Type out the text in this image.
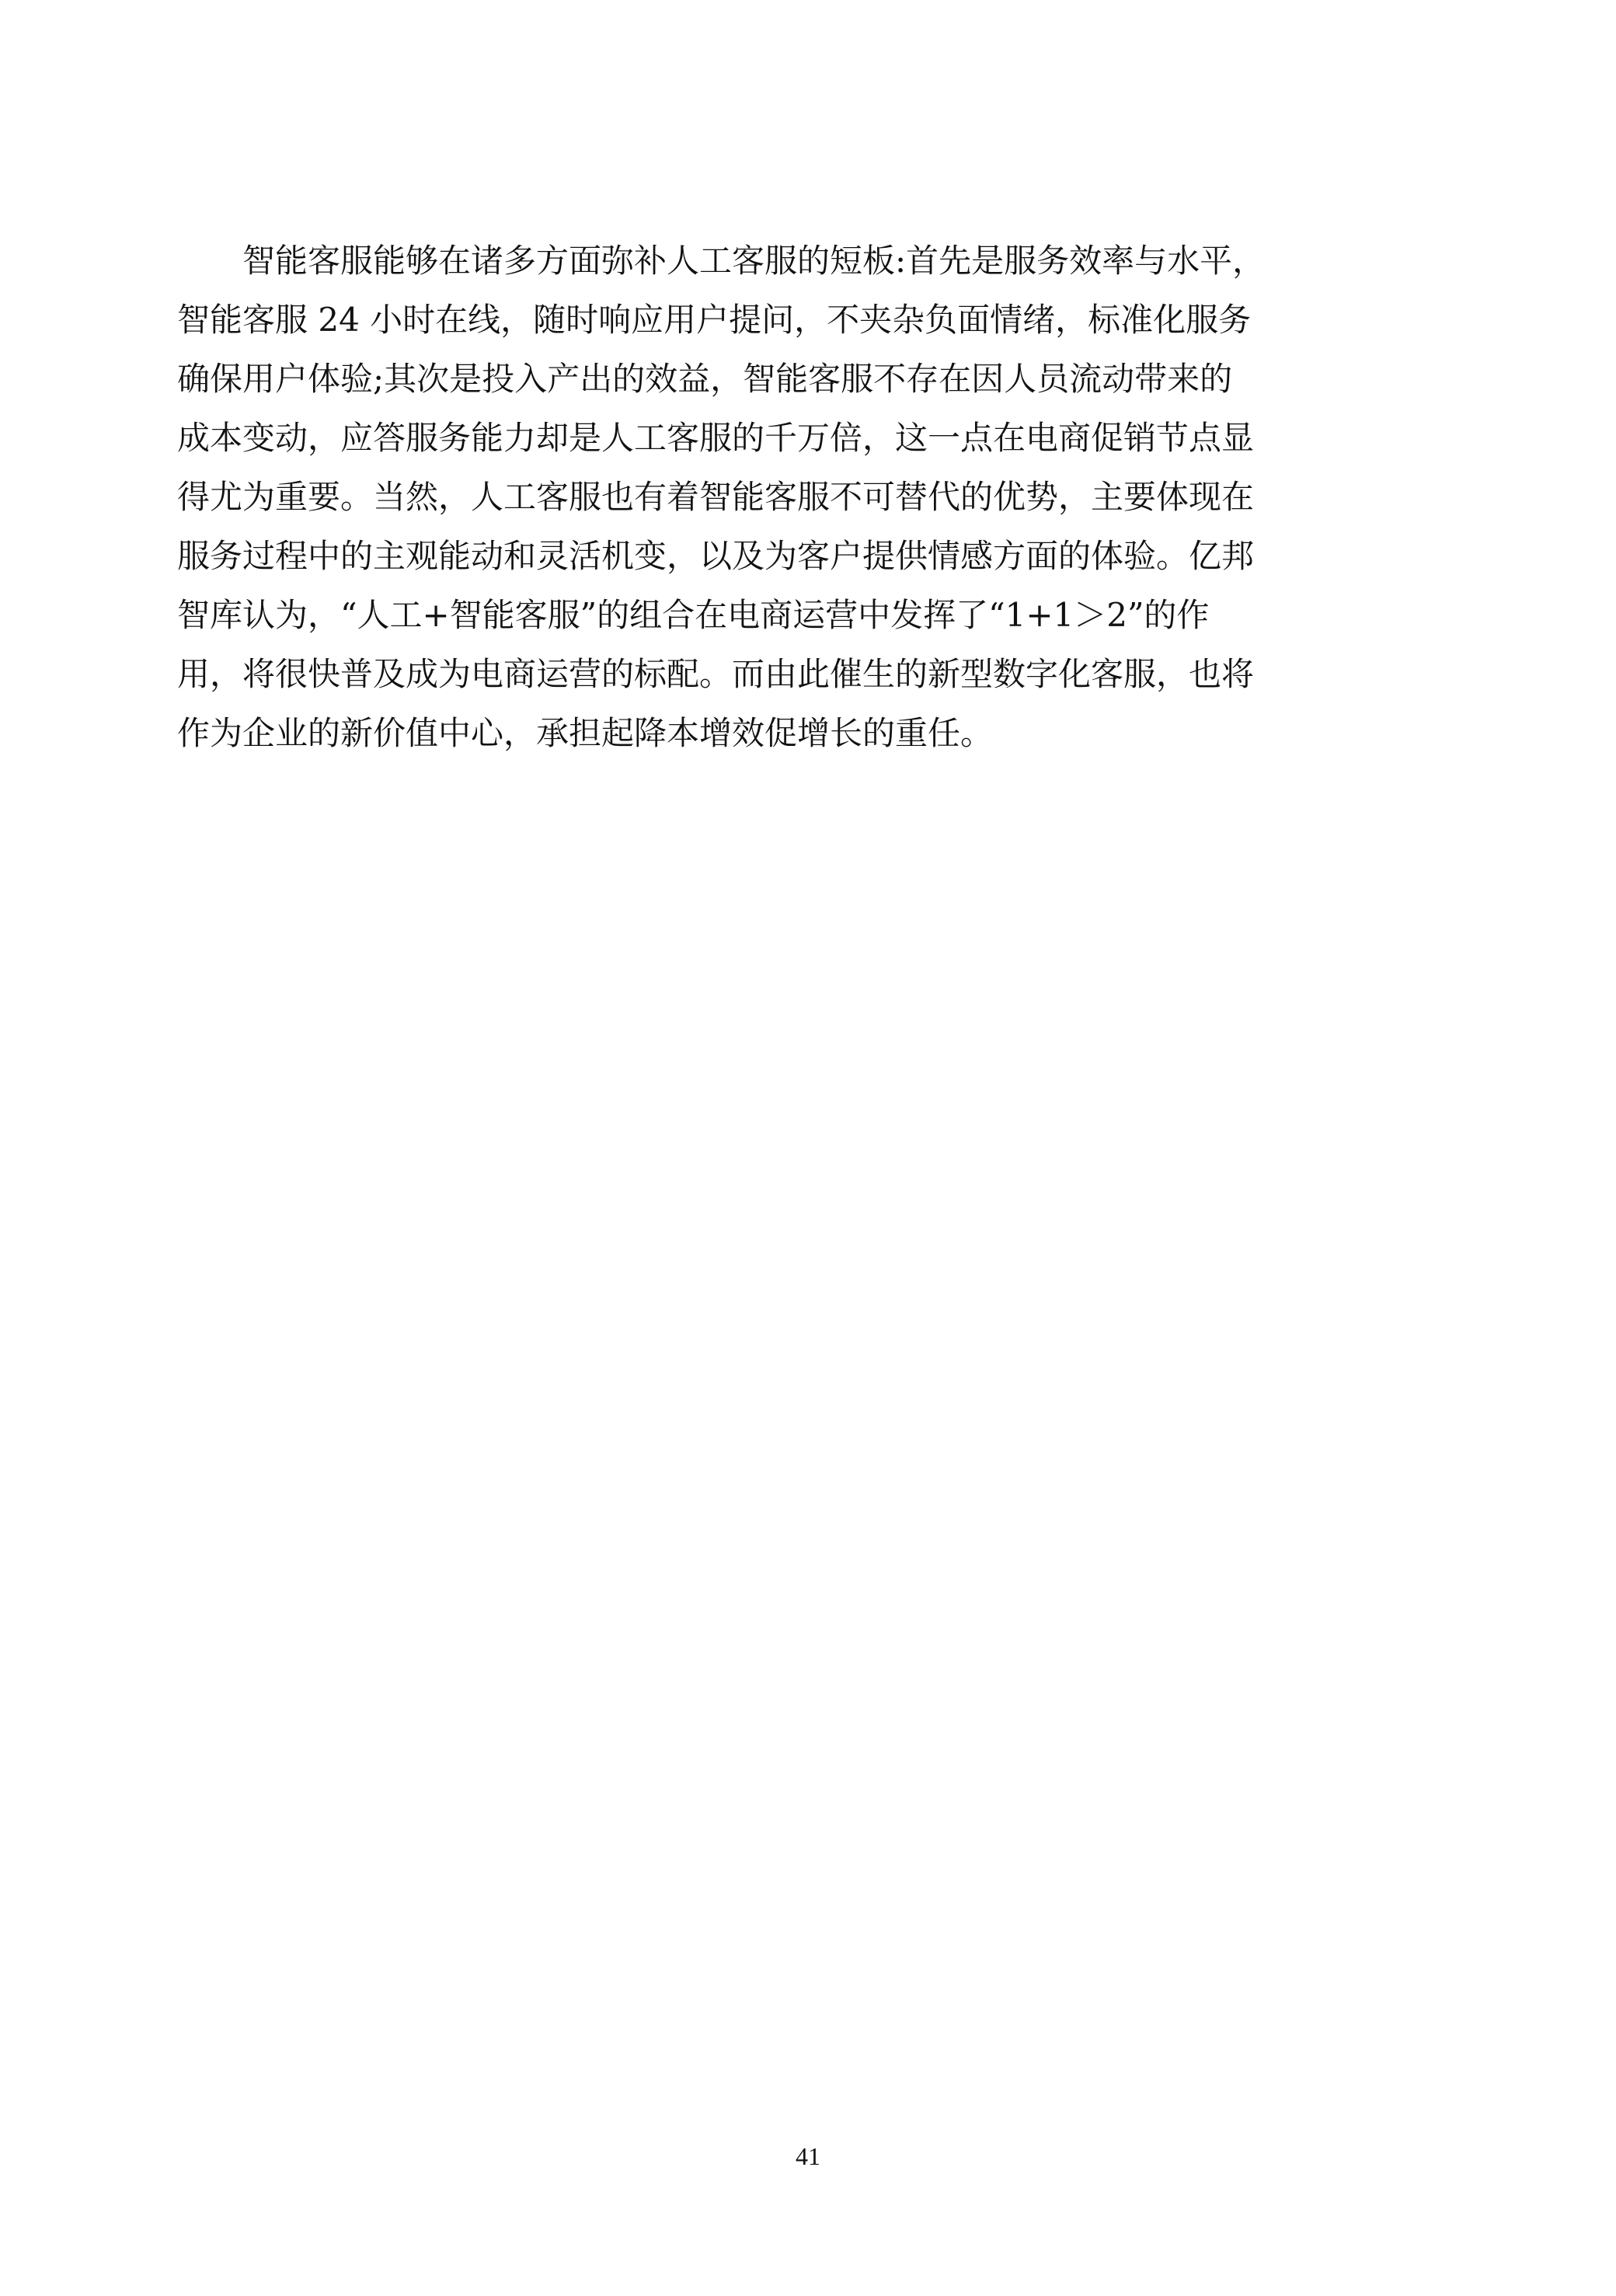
　　智能客服能够在诸多方面弥补人工客服的短板:首先是服务效率与水平，
智能客服 24 小时在线，随时响应用户提问，不夹杂负面情绪，标准化服务
确保用户体验;其次是投入产出的效益，智能客服不存在因人员流动带来的
成本变动，应答服务能力却是人工客服的千万倍，这一点在电商促销节点显
得尤为重要。当然，人工客服也有着智能客服不可替代的优势，主要体现在
服务过程中的主观能动和灵活机变，以及为客户提供情感方面的体验。亿邦
智库认为，“人工+智能客服”的组合在电商运营中发挥了“1+1＞2”的作
用，将很快普及成为电商运营的标配。而由此催生的新型数字化客服，也将
作为企业的新价值中心，承担起降本增效促增长的重任。

41
